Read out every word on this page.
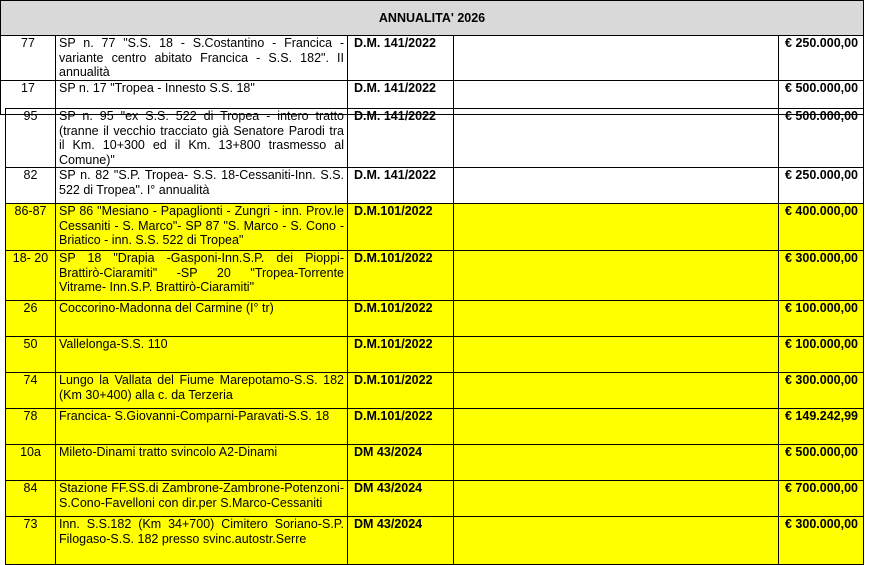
ANNUALITA' 2026				
77	SP n. 77 "S.S. 18 - S.Costantino - Francica -variante centro abitato Francica - S.S. 182". II annualità	D.M. 141/2022		€ 250.000,00
17	SP n. 17 "Tropea - Innesto S.S. 18"	D.M. 141/2022		€ 500.000,00
95	SP n. 95 "ex S.S. 522 di Tropea - intero tratto (tranne il vecchio tracciato già Senatore Parodi tra il Km. 10+300 ed il Km. 13+800 trasmesso al Comune)"	D.M. 141/2022		€ 500.000,00
82	SP n. 82 "S.P. Tropea- S.S. 18-Cessaniti-Inn. S.S. 522 di Tropea". I° annualità	D.M. 141/2022		€ 250.000,00
86-87	SP 86 "Mesiano - Papaglionti - Zungri - inn. Prov.le Cessaniti - S. Marco"- SP 87 "S. Marco - S. Cono - Briatico - inn. S.S. 522 di Tropea"	D.M.101/2022		€ 400.000,00
18- 20	SP 18 "Drapia -Gasponi-Inn.S.P. dei Pioppi-Brattirò-Ciaramiti" -SP 20 "Tropea-Torrente Vitrame- Inn.S.P. Brattirò-Ciaramiti"	D.M.101/2022		€ 300.000,00
26	Coccorino-Madonna del Carmine (I° tr)	D.M.101/2022		€ 100.000,00
50	Vallelonga-S.S. 110	D.M.101/2022		€ 100.000,00
74	Lungo la Vallata del Fiume Marepotamo-S.S. 182 (Km 30+400) alla c. da Terzeria	D.M.101/2022		€ 300.000,00
78	Francica- S.Giovanni-Comparni-Paravati-S.S. 18	D.M.101/2022		€ 149.242,99
10a	Mileto-Dinami tratto svincolo A2-Dinami	DM 43/2024		€ 500.000,00
84	Stazione FF.SS.di Zambrone-Zambrone-Potenzoni-S.Cono-Favelloni con dir.per S.Marco-Cessaniti	DM 43/2024		€ 700.000,00
73	Inn. S.S.182 (Km 34+700) Cimitero Soriano-S.P. Filogaso-S.S. 182 presso svinc.autostr.Serre	DM 43/2024		€ 300.000,00
